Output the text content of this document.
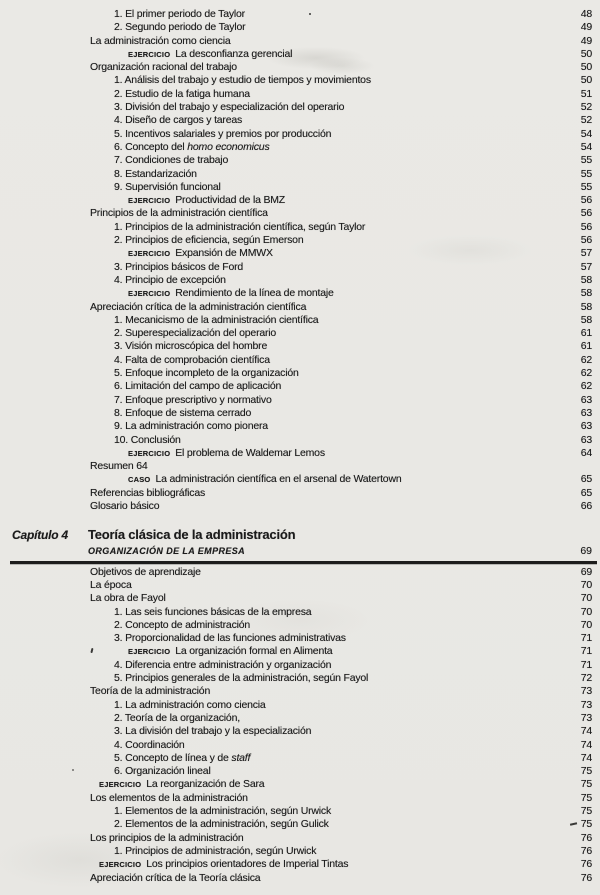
1. El primer periodo de Taylor	48
2. Segundo periodo de Taylor	49
La administración como ciencia	49
EJERCICIO La desconfianza gerencial	50
Organización racional del trabajo	50
1. Análisis del trabajo y estudio de tiempos y movimientos	50
2. Estudio de la fatiga humana	51
3. División del trabajo y especialización del operario	52
4. Diseño de cargos y tareas	52
5. Incentivos salariales y premios por producción	54
6. Concepto del homo economicus	54
7. Condiciones de trabajo	55
8. Estandarización	55
9. Supervisión funcional	55
EJERCICIO Productividad de la BMZ	56
Principios de la administración científica	56
1. Principios de la administración científica, según Taylor	56
2. Principios de eficiencia, según Emerson	56
EJERCICIO Expansión de MMWX	57
3. Principios básicos de Ford	57
4. Principio de excepción	58
EJERCICIO Rendimiento de la línea de montaje	58
Apreciación crítica de la administración científica	58
1. Mecanicismo de la administración científica	58
2. Superespecialización del operario	61
3. Visión microscópica del hombre	61
4. Falta de comprobación científica	62
5. Enfoque incompleto de la organización	62
6. Limitación del campo de aplicación	62
7. Enfoque prescriptivo y normativo	63
8. Enfoque de sistema cerrado	63
9. La administración como pionera	63
10. Conclusión	63
EJERCICIO El problema de Waldemar Lemos	64
Resumen 64
CASO La administración científica en el arsenal de Watertown	65
Referencias bibliográficas	65
Glosario básico	66
Capítulo 4	Teoría clásica de la administración
ORGANIZACIÓN DE LA EMPRESA	69
Objetivos de aprendizaje	69
La época	70
La obra de Fayol	70
1. Las seis funciones básicas de la empresa	70
2. Concepto de administración	70
3. Proporcionalidad de las funciones administrativas	71
EJERCICIO La organización formal en Alimenta	71
4. Diferencia entre administración y organización	71
5. Principios generales de la administración, según Fayol	72
Teoría de la administración	73
1. La administración como ciencia	73
2. Teoría de la organización,	73
3. La división del trabajo y la especialización	74
4. Coordinación	74
5. Concepto de línea y de staff	74
6. Organización lineal	75
EJERCICIO La reorganización de Sara	75
Los elementos de la administración	75
1. Elementos de la administración, según Urwick	75
2. Elementos de la administración, según Gulick	75
Los principios de la administración	76
1. Principios de administración, según Urwick	76
EJERCICIO Los principios orientadores de Imperial Tintas	76
Apreciación crítica de la Teoría clásica	76
